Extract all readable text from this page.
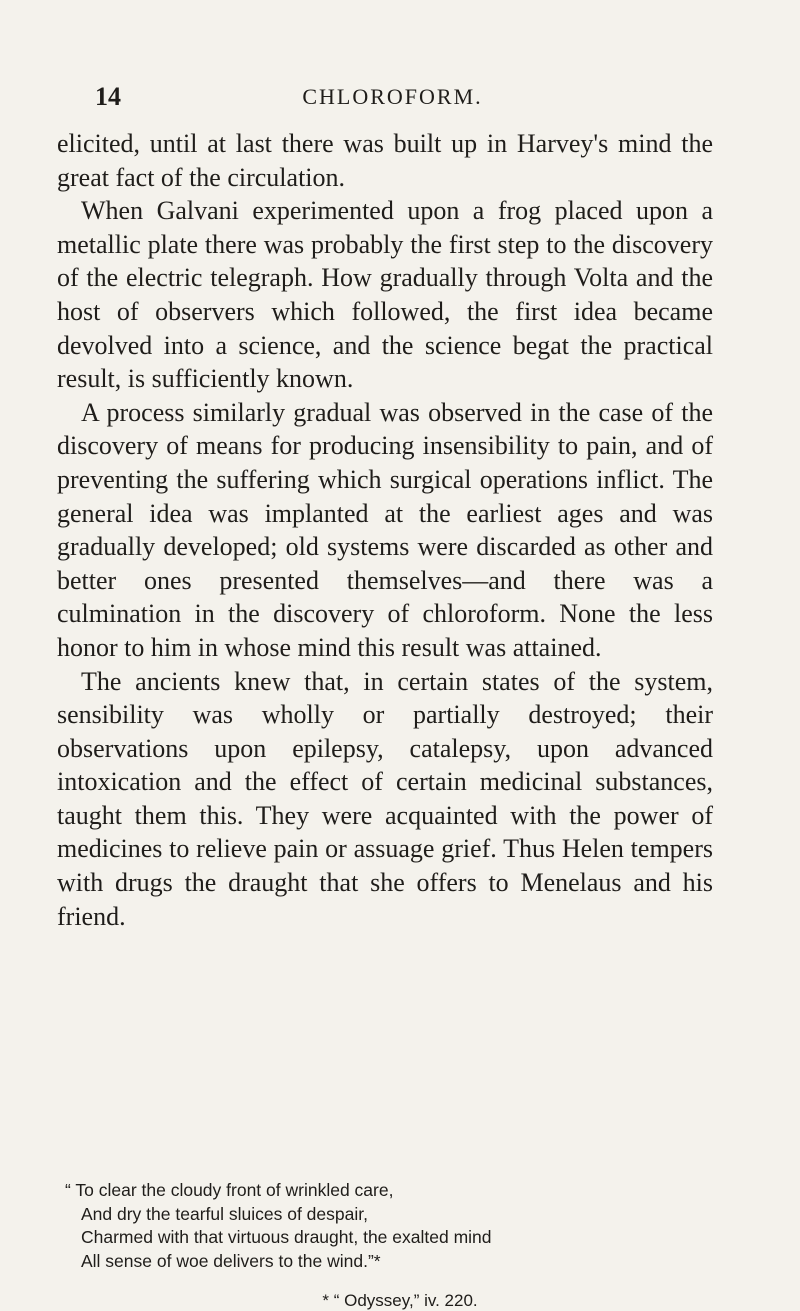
14	CHLOROFORM.

elicited, until at last there was built up in Harvey's mind the great fact of the circulation.

When Galvani experimented upon a frog placed upon a metallic plate there was probably the first step to the discovery of the electric telegraph. How gradually through Volta and the host of observers which followed, the first idea became devolved into a science, and the science begat the practical result, is sufficiently known.

A process similarly gradual was observed in the case of the discovery of means for producing insensibility to pain, and of preventing the suffering which surgical operations inflict. The general idea was implanted at the earliest ages and was gradually developed; old systems were discarded as other and better ones presented themselves—and there was a culmination in the discovery of chloroform. None the less honor to him in whose mind this result was attained.

The ancients knew that, in certain states of the system, sensibility was wholly or partially destroyed; their observations upon epilepsy, catalepsy, upon advanced intoxication and the effect of certain medicinal substances, taught them this. They were acquainted with the power of medicines to relieve pain or assuage grief. Thus Helen tempers with drugs the draught that she offers to Menelaus and his friend.

“ To clear the cloudy front of wrinkled care,
And dry the tearful sluices of despair,
Charmed with that virtuous draught, the exalted mind
All sense of woe delivers to the wind.”*
* “ Odyssey,” iv. 220.
